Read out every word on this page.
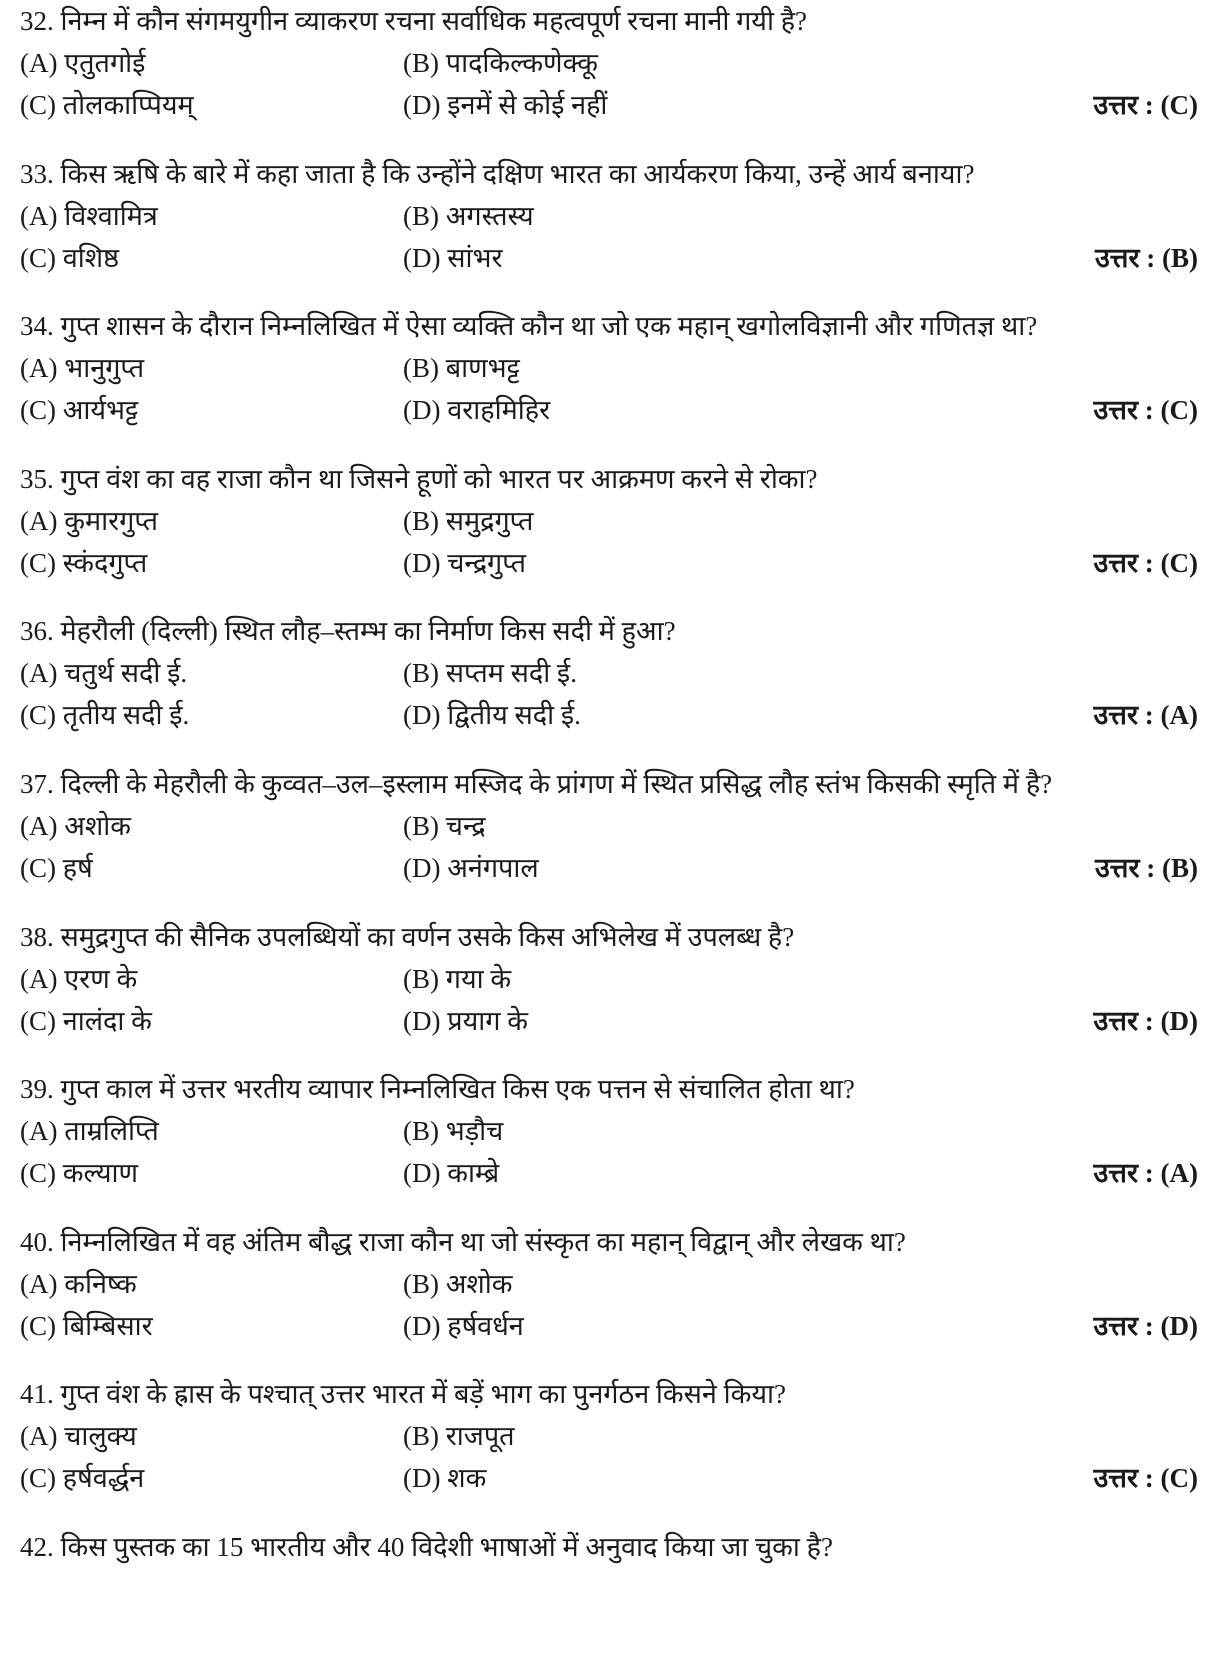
32. निम्न में कौन संगमयुगीन व्याकरण रचना सर्वाधिक महत्वपूर्ण रचना मानी गयी है?
(A) एतुतगोई	(B) पादकिल्कणेक्कू
(C) तोलकाप्पियम्	(D) इनमें से कोई नहीं	उत्तर : (C)
33. किस ऋषि के बारे में कहा जाता है कि उन्होंने दक्षिण भारत का आर्यकरण किया, उन्हें आर्य बनाया?
(A) विश्वामित्र	(B) अगस्तस्य
(C) वशिष्ठ	(D) सांभर	उत्तर : (B)
34. गुप्त शासन के दौरान निम्नलिखित में ऐसा व्यक्ति कौन था जो एक महान् खगोलविज्ञानी और गणितज्ञ था?
(A) भानुगुप्त	(B) बाणभट्ट
(C) आर्यभट्ट	(D) वराहमिहिर	उत्तर : (C)
35. गुप्त वंश का वह राजा कौन था जिसने हूणों को भारत पर आक्रमण करने से रोका?
(A) कुमारगुप्त	(B) समुद्रगुप्त
(C) स्कंदगुप्त	(D) चन्द्रगुप्त	उत्तर : (C)
36. मेहरौली (दिल्ली) स्थित लौह–स्तम्भ का निर्माण किस सदी में हुआ?
(A) चतुर्थ सदी ई.	(B) सप्तम सदी ई.
(C) तृतीय सदी ई.	(D) द्वितीय सदी ई.	उत्तर : (A)
37. दिल्ली के मेहरौली के कुव्वत–उल–इस्लाम मस्जिद के प्रांगण में स्थित प्रसिद्ध लौह स्तंभ किसकी स्मृति में है?
(A) अशोक	(B) चन्द्र
(C) हर्ष	(D) अनंगपाल	उत्तर : (B)
38. समुद्रगुप्त की सैनिक उपलब्धियों का वर्णन उसके किस अभिलेख में उपलब्ध है?
(A) एरण के	(B) गया के
(C) नालंदा के	(D) प्रयाग के	उत्तर : (D)
39. गुप्त काल में उत्तर भरतीय व्यापार निम्नलिखित किस एक पत्तन से संचालित होता था?
(A) ताम्रलिप्ति	(B) भड़ौच
(C) कल्याण	(D) काम्ब्रे	उत्तर : (A)
40. निम्नलिखित में वह अंतिम बौद्ध राजा कौन था जो संस्कृत का महान् विद्वान् और लेखक था?
(A) कनिष्क	(B) अशोक
(C) बिम्बिसार	(D) हर्षवर्धन	उत्तर : (D)
41. गुप्त वंश के ह्रास के पश्चात् उत्तर भारत में बड़ें भाग का पुनर्गठन किसने किया?
(A) चालुक्य	(B) राजपूत
(C) हर्षवर्द्धन	(D) शक	उत्तर : (C)
42. किस पुस्तक का 15 भारतीय और 40 विदेशी भाषाओं में अनुवाद किया जा चुका है?
